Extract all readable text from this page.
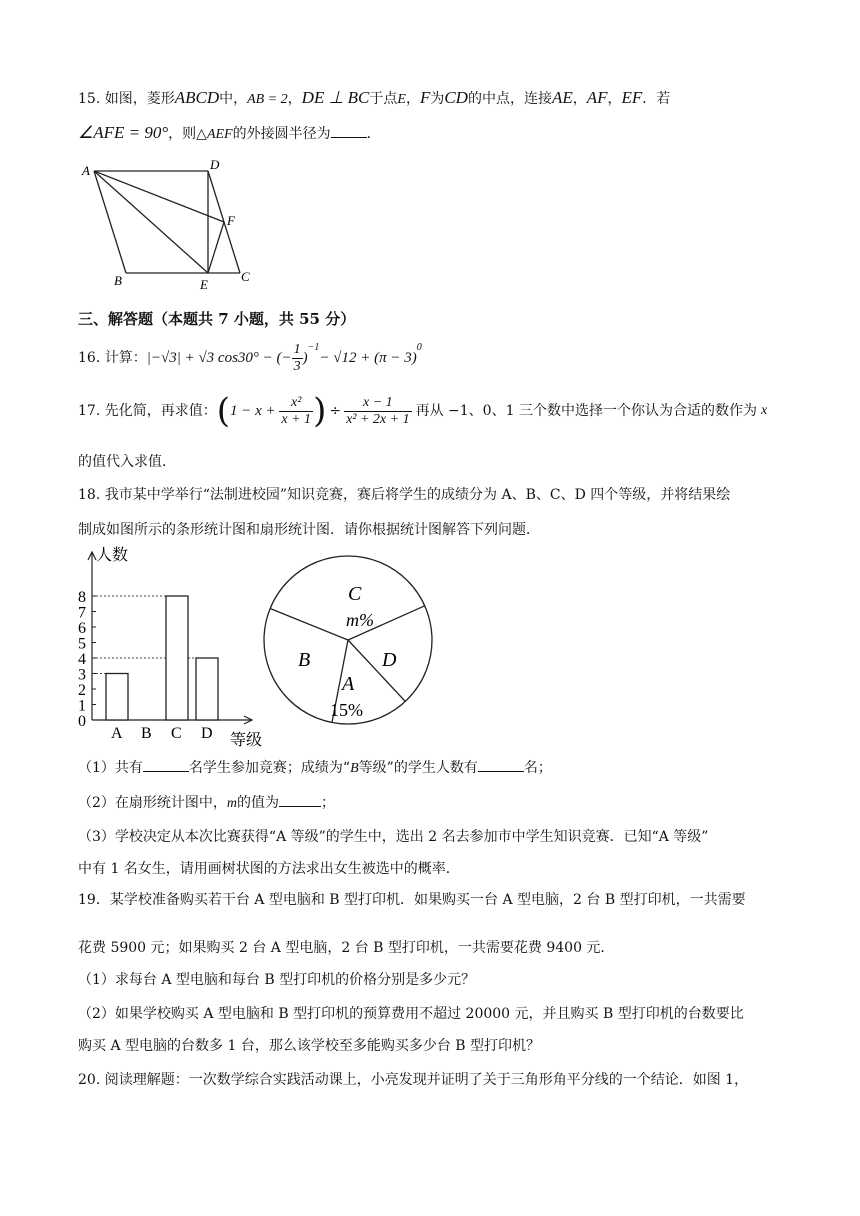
15. 如图，菱形ABCD中，AB = 2，DE ⊥ BC于点E，F为CD的中点，连接AE，AF，EF．若
∠AFE = 90°，则△AEF的外接圆半径为	．
A	D
F
B	E
C
三、解答题（本题共 7 小题，共 55 分）
16. 计算： |−√3| + √3 cos30° − (− $\frac{1}{3}$ )
$^{-1}$
− √12 + (π − 3)
$^0$
17. 先化简，再求值： ( $1 - x + \frac{\text{x²}}{x + 1}$ ) ÷ $\frac{x - 1}{\text{x² + 2x + 1}}$ 再从 −1、0、1 三个数中选择一个你认为合适的数作为 x
的值代入求值．
18. 我市某中学举行“法制进校园”知识竞赛，赛后将学生的成绩分为 A、B、C、D 四个等级，并将结果绘
制成如图所示的条形统计图和扇形统计图．请你根据统计图解答下列问题．
0
1
2
3
4
5
6
7
8
A B C D
人数
等级
C
m%
B	D
A
15%
（1）共有	名学生参加竞赛；成绩为“B等级”的学生人数有	名；
（2）在扇形统计图中，m的值为	；
（3）学校决定从本次比赛获得“A 等级”的学生中，选出 2 名去参加市中学生知识竞赛．已知“A 等级”
中有 1 名女生，请用画树状图的方法求出女生被选中的概率．
19．某学校准备购买若干台 A 型电脑和 B 型打印机．如果购买一台 A 型电脑，2 台 B 型打印机，一共需要
花费 5900 元；如果购买 2 台 A 型电脑，2 台 B 型打印机，一共需要花费 9400 元．
（1）求每台 A 型电脑和每台 B 型打印机的价格分别是多少元？
（2）如果学校购买 A 型电脑和 B 型打印机的预算费用不超过 20000 元，并且购买 B 型打印机的台数要比
购买 A 型电脑的台数多 1 台，那么该学校至多能购买多少台 B 型打印机？
20. 阅读理解题：一次数学综合实践活动课上，小亮发现并证明了关于三角形角平分线的一个结论．如图 1，
